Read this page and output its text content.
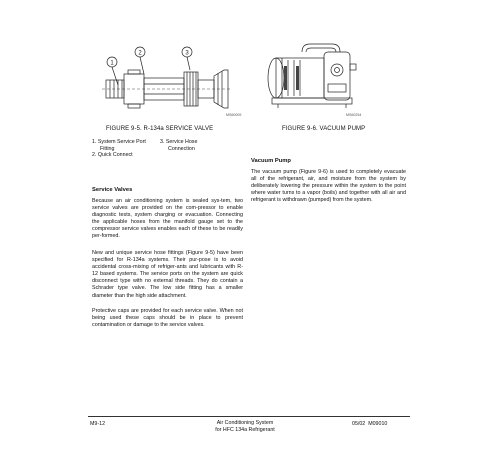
1
2	3
MS60009	MS60254
FIGURE 9-5. R-134a SERVICE VALVE	FIGURE 9-6. VACUUM PUMP
1. System Service Port
Fitting
2. Quick Connect
3. Service Hose
Connection
Service Valves
Because an air conditioning system is sealed sys-tem, two service valves are provided on the com-pressor to enable diagnostic tests, system charging or evacuation. Connecting the applicable hoses from the manifold gauge set to the compressor service valves enables each of these to be readily per-formed.
New and unique service hose fittings (Figure 9-5) have been specified for R-134a systems. Their pur-pose is to avoid accidental cross-mixing of refriger-ants and lubricants with R-12 based systems. The service ports on the system are quick disconnect type with no external threads. They do contain a Schrader type valve. The low side fitting has a smaller diameter than the high side attachment.
Protective caps are provided for each service valve. When not being used these caps should be in place to prevent contamination or damage to the service valves.
Vacuum Pump
The vacuum pump (Figure 9-6) is used to completely evacuate all of the refrigerant, air, and moisture from the system by deliberately lowering the pressure within the system to the point where water turns to a vapor (boils) and together with all air and refrigerant is withdrawn (pumped) from the system.
M9-12	Air Conditioning System
for HFC 134a Refrigerant
05/02  M09010
